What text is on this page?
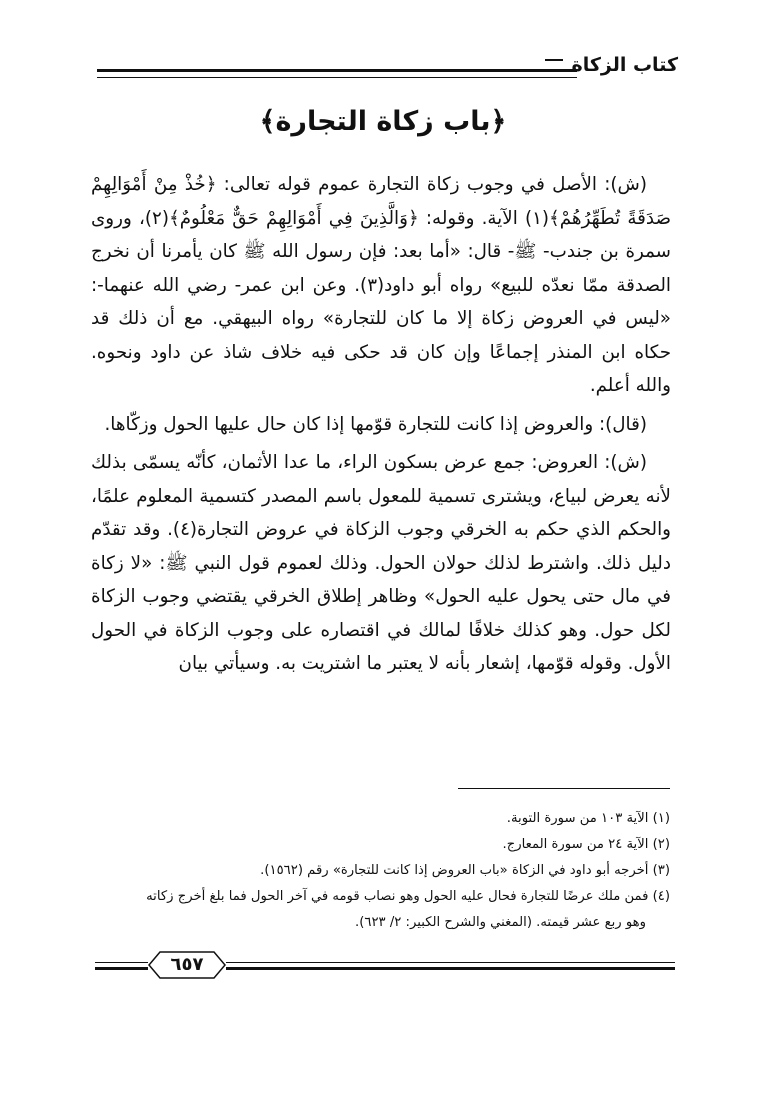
كتاب الزكاة
﴿باب زكاة التجارة﴾

(ش): الأصل في وجوب زكاة التجارة عموم قوله تعالى: ﴿خُذْ مِنْ أَمْوَالِهِمْ صَدَقَةً تُطَهِّرُهُمْ﴾(١) الآية. وقوله: ﴿وَالَّذِينَ فِي أَمْوَالِهِمْ حَقٌّ مَعْلُومٌ﴾(٢)، وروى سمرة بن جندب- ﷺ- قال: «أما بعد: فإن رسول الله ﷺ كان يأمرنا أن نخرج الصدقة ممّا نعدّه للبيع» رواه أبو داود(٣). وعن ابن عمر- رضي الله عنهما-: «ليس في العروض زكاة إلا ما كان للتجارة» رواه البيهقي. مع أن ذلك قد حكاه ابن المنذر إجماعًا وإن كان قد حكى فيه خلاف شاذ عن داود ونحوه. والله أعلم.

(قال): والعروض إذا كانت للتجارة قوّمها إذا كان حال عليها الحول وزكّاها.

(ش): العروض: جمع عرض بسكون الراء، ما عدا الأثمان، كأنّه يسمّى بذلك لأنه يعرض لبياع، ويشترى تسمية للمعول باسم المصدر كتسمية المعلوم علمًا، والحكم الذي حكم به الخرقي وجوب الزكاة في عروض التجارة(٤). وقد تقدّم دليل ذلك. واشترط لذلك حولان الحول. وذلك لعموم قول النبي ﷺ: «لا زكاة في مال حتى يحول عليه الحول» وظاهر إطلاق الخرقي يقتضي وجوب الزكاة لكل حول. وهو كذلك خلافًا لمالك في اقتصاره على وجوب الزكاة في الحول الأول. وقوله قوّمها، إشعار بأنه لا يعتبر ما اشتريت به. وسيأتي بيان

(١) الآية ١٠٣ من سورة التوبة.
(٢) الآية ٢٤ من سورة المعارج.
(٣) أخرجه أبو داود في الزكاة «باب العروض إذا كانت للتجارة» رقم (١٥٦٢).
(٤) فمن ملك عرضًا للتجارة فحال عليه الحول وهو نصاب قومه في آخر الحول فما بلغ أخرج زكاته
وهو ربع عشر قيمته. (المغني والشرح الكبير: ٢/ ٦٢٣).
٦٥٧
